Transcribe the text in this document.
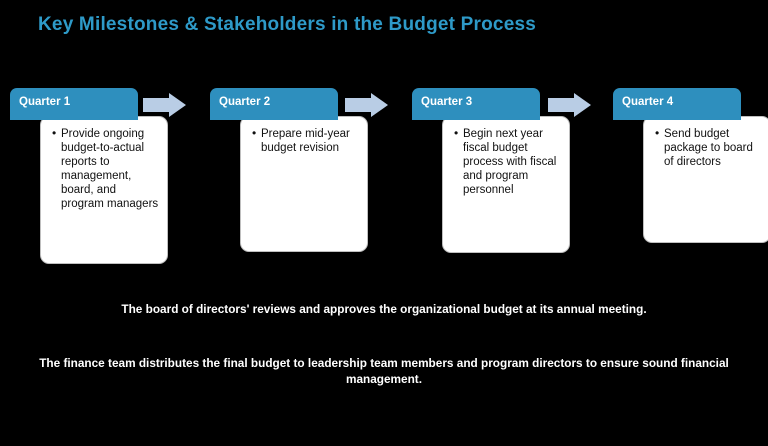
Key Milestones & Stakeholders in the Budget Process
• Provide ongoing budget-to-actual reports to management, board, and program managers
Quarter 1
• Prepare mid-year budget revision
Quarter 2
• Begin next year fiscal budget process with fiscal and program personnel
Quarter 3
• Send budget package to board of directors
Quarter 4
The board of directors' reviews and approves the organizational budget at its annual meeting.
The finance team distributes the final budget to leadership team members and program directors to ensure sound financial management.
